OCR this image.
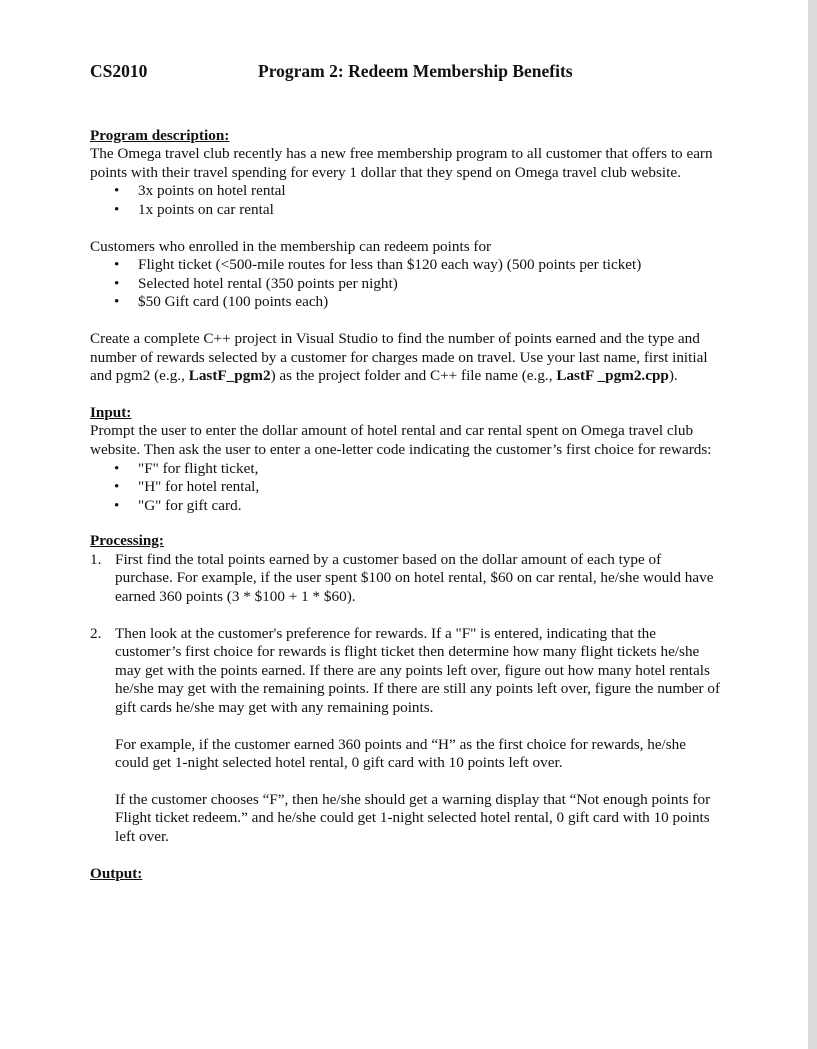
CS2010	Program 2: Redeem Membership Benefits
Program description:

The Omega travel club recently has a new free membership program to all customer that offers to earn points with their travel spending for every 1 dollar that they spend on Omega travel club website.

• 3x points on hotel rental
• 1x points on car rental

Customers who enrolled in the membership can redeem points for

• Flight ticket (<500-mile routes for less than $120 each way) (500 points per ticket)
• Selected hotel rental (350 points per night)
• $50 Gift card (100 points each)

Create a complete C++ project in Visual Studio to find the number of points earned and the type and number of rewards selected by a customer for charges made on travel. Use your last name, first initial and pgm2 (e.g., LastF_pgm2) as the project folder and C++ file name (e.g., LastF _pgm2.cpp).

Input:

Prompt the user to enter the dollar amount of hotel rental and car rental spent on Omega travel club website. Then ask the user to enter a one-letter code indicating the customer’s first choice for rewards:

• "F" for flight ticket,
• "H" for hotel rental,
• "G" for gift card.
Processing:
1. First find the total points earned by a customer based on the dollar amount of each type of purchase. For example, if the user spent $100 on hotel rental, $60 on car rental, he/she would have earned 360 points (3 * $100 + 1 * $60).

2. Then look at the customer's preference for rewards. If a "F" is entered, indicating that the customer’s first choice for rewards is flight ticket then determine how many flight tickets he/she may get with the points earned. If there are any points left over, figure out how many hotel rentals he/she may get with the remaining points. If there are still any points left over, figure the number of gift cards he/she may get with any remaining points.

For example, if the customer earned 360 points and “H” as the first choice for rewards, he/she could get 1-night selected hotel rental, 0 gift card with 10 points left over.

If the customer chooses “F”, then he/she should get a warning display that “Not enough points for Flight ticket redeem.” and he/she could get 1-night selected hotel rental, 0 gift card with 10 points left over.

Output:
